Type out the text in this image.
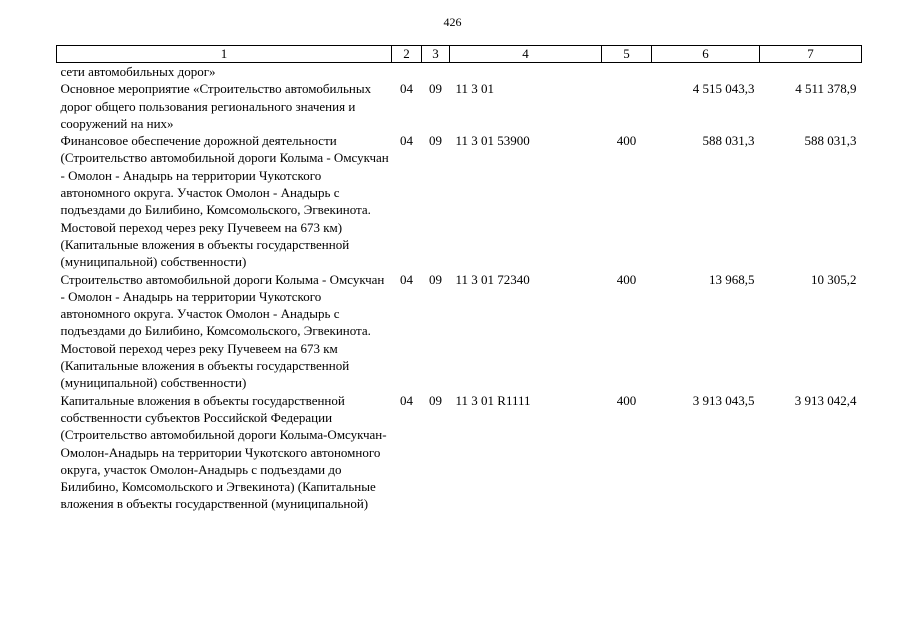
426
1	2	3	4	5	6	7

сети автомобильных дорог»
Основное мероприятие «Строительство автомобильных дорог общего пользования регионального значения и сооружений на них»	04	09	11 3 01		4 515 043,3	4 511 378,9
Финансовое обеспечение дорожной деятельности (Строительство автомобильной дороги Колыма - Омсукчан - Омолон - Анадырь на территории Чукотского автономного округа. Участок Омолон - Анадырь с подъездами до Билибино, Комсомольского, Эгвекинота. Мостовой переход через реку Пучевеем на 673 км) (Капитальные вложения в объекты государственной (муниципальной) собственности)	04	09	11 3 01 53900	400	588 031,3	588 031,3
Строительство автомобильной дороги Колыма - Омсукчан - Омолон - Анадырь на территории Чукотского автономного округа. Участок Омолон - Анадырь с подъездами до Билибино, Комсомольского, Эгвекинота. Мостовой переход через реку Пучевеем на 673 км (Капитальные вложения в объекты государственной (муниципальной) собственности)	04	09	11 3 01 72340	400	13 968,5	10 305,2
Капитальные вложения в объекты государственной собственности субъектов Российской Федерации (Строительство автомобильной дороги Колыма-Омсукчан-Омолон-Анадырь на территории Чукотского автономного округа, участок Омолон-Анадырь с подъездами до Билибино, Комсомольского и Эгвекинота) (Капитальные вложения в объекты государственной (муниципальной)	04	09	11 3 01 R1111	400	3 913 043,5	3 913 042,4
